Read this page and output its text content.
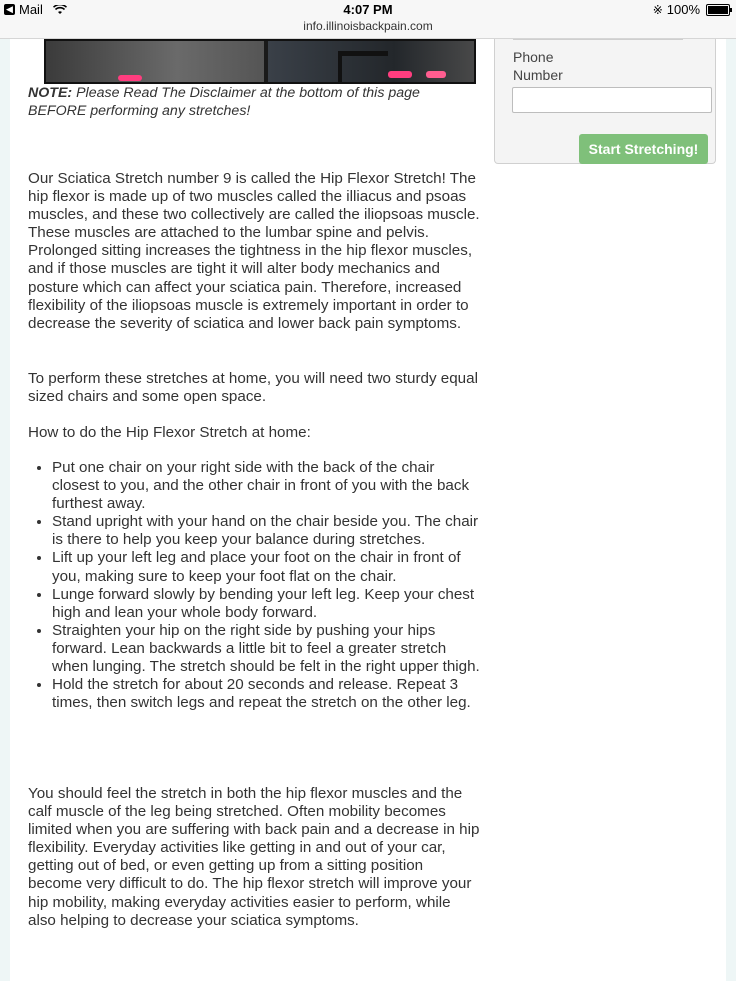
◀ Mail	4:07 PM
info.illinoisbackpain.com
※ 100%
NOTE: Please Read The Disclaimer at the bottom of this page BEFORE performing any stretches!
Phone Number
Start Stretching!

Our Sciatica Stretch number 9 is called the Hip Flexor Stretch! The hip flexor is made up of two muscles called the illiacus and psoas muscles, and these two collectively are called the iliopsoas muscle. These muscles are attached to the lumbar spine and pelvis. Prolonged sitting increases the tightness in the hip flexor muscles, and if those muscles are tight it will alter body mechanics and posture which can affect your sciatica pain. Therefore, increased flexibility of the iliopsoas muscle is extremely important in order to decrease the severity of sciatica and lower back pain symptoms.

To perform these stretches at home, you will need two sturdy equal sized chairs and some open space.

How to do the Hip Flexor Stretch at home:

• Put one chair on your right side with the back of the chair closest to you, and the other chair in front of you with the back furthest away.
• Stand upright with your hand on the chair beside you. The chair is there to help you keep your balance during stretches.
• Lift up your left leg and place your foot on the chair in front of you, making sure to keep your foot flat on the chair.
• Lunge forward slowly by bending your left leg. Keep your chest high and lean your whole body forward.
• Straighten your hip on the right side by pushing your hips forward. Lean backwards a little bit to feel a greater stretch when lunging. The stretch should be felt in the right upper thigh.
• Hold the stretch for about 20 seconds and release. Repeat 3 times, then switch legs and repeat the stretch on the other leg.

You should feel the stretch in both the hip flexor muscles and the calf muscle of the leg being stretched. Often mobility becomes limited when you are suffering with back pain and a decrease in hip flexibility. Everyday activities like getting in and out of your car, getting out of bed, or even getting up from a sitting position become very difficult to do. The hip flexor stretch will improve your hip mobility, making everyday activities easier to perform, while also helping to decrease your sciatica symptoms.
